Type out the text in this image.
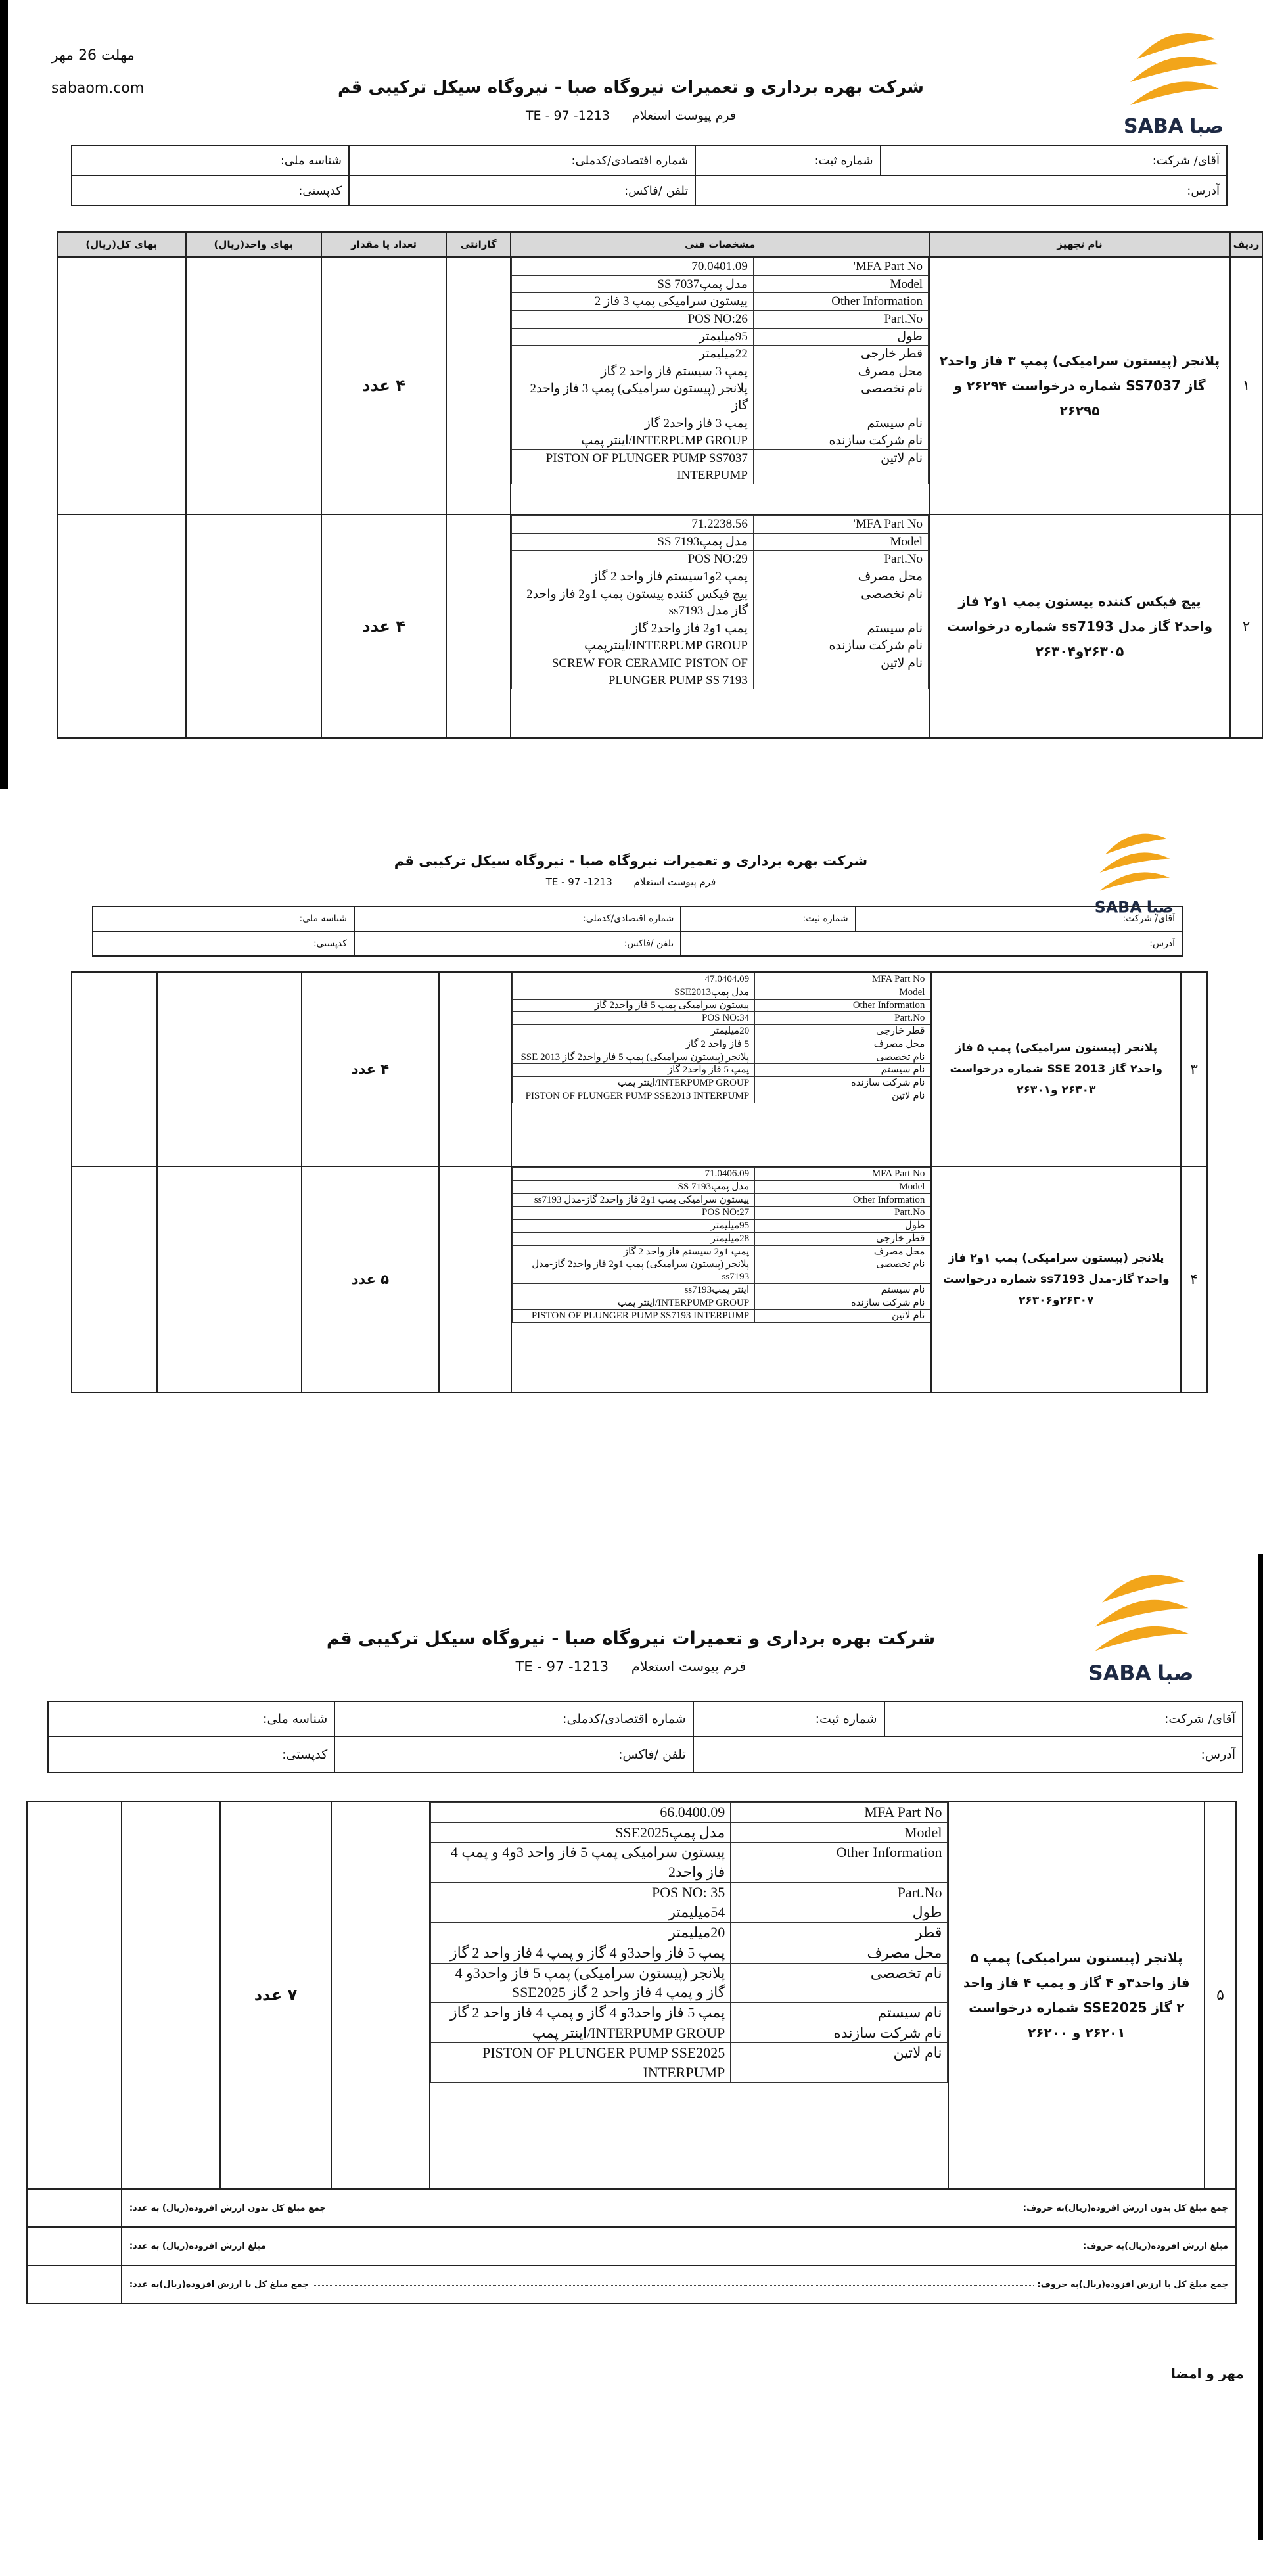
مهلت 26 مهر
sabaom.com
SABA صبا
شرکت بهره برداری و تعمیرات نیروگاه صبا - نیروگاه سیکل ترکیبی قم
فرم پیوست استعلام 1213- 97 - TE
آقای/ شرکت:	شماره ثبت:	شماره اقتصادی/کدملی:	شناسه ملی:
آدرس:		تلفن /فاکس:	کدپستی:
ردیف	نام تجهیز	مشخصات فنی	گارانتی	تعداد یا مقدار	بهای واحد(ریال)	بهای کل(ریال)
۱	پلانجر (پیستون سرامیکی) پمپ ۳ فاز واحد۲ گاز SS7037 شماره درخواست ۲۶۲۹۴ و ۲۶۲۹۵	
MFA Part No'	70.0401.09
Model	مدل پمپSS 7037
Other Information	پیستون سرامیکی پمپ 3 فاز 2
Part.No	POS NO:26
طول	95میلیمتر
قطر خارجی	22میلیمتر
محل مصرف	پمپ 3 سیستم فاز واحد 2 گاز
نام تخصصی	پلانجر (پیستون سرامیکی) پمپ 3 فاز واحد2 گاز
نام سیستم	پمپ 3 فاز واحد2 گاز
نام شرکت سازنده	INTERPUMP GROUP/اینتر پمپ
نام لاتین	PISTON OF PLUNGER PUMP SS7037 INTERPUMP
		۴ عدد		
۲	پیچ فیکس کننده پیستون پمپ ۱و۲ فاز واحد۲ گاز مدل ss7193 شماره درخواست ۲۶۳۰۵و۲۶۳۰۴	
MFA Part No'	71.2238.56
Model	مدل پمپSS 7193
Part.No	POS NO:29
محل مصرف	پمپ 2و1سیستم فاز واحد 2 گاز
نام تخصصی	پیچ فیکس کننده پیستون پمپ 1و2 فاز واحد2 گاز مدل ss7193
نام سیستم	پمپ 1و2 فاز واحد2 گاز
نام شرکت سازنده	INTERPUMP GROUP/اینترپمپ
نام لاتین	SCREW FOR CERAMIC PISTON OF PLUNGER PUMP SS 7193
		۴ عدد		
SABA صبا
شرکت بهره برداری و تعمیرات نیروگاه صبا - نیروگاه سیکل ترکیبی قم
فرم پیوست استعلام 1213- 97 - TE
آقای/ شرکت:	شماره ثبت:	شماره اقتصادی/کدملی:	شناسه ملی:
آدرس:		تلفن /فاکس:	کدپستی:
۳	پلانجر (پیستون سرامیکی) پمپ ۵ فاز واحد۲ گاز SSE 2013 شماره درخواست ۲۶۳۰۳ و۲۶۳۰۱	
MFA Part No	47.0404.09
Model	مدل پمپSSE2013
Other Information	پیستون سرامیکی پمپ 5 فاز واحد2 گاز
Part.No	POS NO:34
قطر خارجی	20میلیمتر
محل مصرف	5 فاز واحد 2 گاز
نام تخصصی	پلانجر (پیستون سرامیکی) پمپ 5 فاز واحد2 گاز SSE 2013
نام سیستم	پمپ 5 فاز واحد2 گاز
نام شرکت سازنده	INTERPUMP GROUP/اینتر پمپ
نام لاتین	PISTON OF PLUNGER PUMP SSE2013 INTERPUMP
		۴ عدد		
۴	پلانجر (پیستون سرامیکی) پمپ ۱و۲ فاز واحد۲ گاز-مدل ss7193 شماره درخواست ۲۶۳۰۷و۲۶۳۰۶	
MFA Part No	71.0406.09
Model	مدل پمپSS 7193
Other Information	پیستون سرامیکی پمپ 1و2 فاز واحد2 گاز-مدل ss7193
Part.No	POS NO:27
طول	95میلیمتر
قطر خارجی	28میلیمتر
محل مصرف	پمپ 1و2 سیستم فاز واحد 2 گاز
نام تخصصی	پلانجر (پیستون سرامیکی) پمپ 1و2 فاز واحد2 گاز-مدل ss7193
نام سیستم	اینتر پمپss7193
نام شرکت سازنده	INTERPUMP GROUP/اینتر پمپ
نام لاتین	PISTON OF PLUNGER PUMP SS7193 INTERPUMP
		۵ عدد		
SABA صبا
شرکت بهره برداری و تعمیرات نیروگاه صبا - نیروگاه سیکل ترکیبی قم
فرم پیوست استعلام 1213- 97 - TE
آقای/ شرکت:	شماره ثبت:	شماره اقتصادی/کدملی:	شناسه ملی:
آدرس:		تلفن /فاکس:	کدپستی:
۵	پلانجر (پیستون سرامیکی) پمپ ۵ فاز واحد۳و ۴ گاز و پمپ ۴ فاز واحد ۲ گاز SSE2025 شماره درخواست ۲۶۲۰۱ و ۲۶۲۰۰	
MFA Part No	66.0400.09
Model	مدل پمپSSE2025
Other Information	پیستون سرامیکی پمپ 5 فاز واحد 3و4 و پمپ 4 فاز واحد2
Part.No	POS NO: 35
طول	54میلیمتر
قطر	20میلیمتر
محل مصرف	پمپ 5 فاز واحد3و 4 گاز و پمپ 4 فاز واحد 2 گاز
نام تخصصی	پلانجر (پیستون سرامیکی) پمپ 5 فاز واحد3و 4 گاز و پمپ 4 فاز واحد 2 گاز SSE2025
نام سیستم	پمپ 5 فاز واحد3و 4 گاز و پمپ 4 فاز واحد 2 گاز
نام شرکت سازنده	INTERPUMP GROUP/اینتر پمپ
نام لاتین	PISTON OF PLUNGER PUMP SSE2025 INTERPUMP
		۷ عدد		

جمع مبلغ کل بدون ارزش افزوده(ریال)به حروف:
جمع مبلغ کل بدون ارزش افزوده(ریال) به عدد:

مبلغ ارزش افزوده(ریال)به حروف:
مبلغ ارزش افزوده(ریال) به عدد:

جمع مبلغ کل با ارزش افزوده(ریال)به حروف:
جمع مبلغ کل با ارزش افزوده(ریال)به عدد:

مهر و امضا
